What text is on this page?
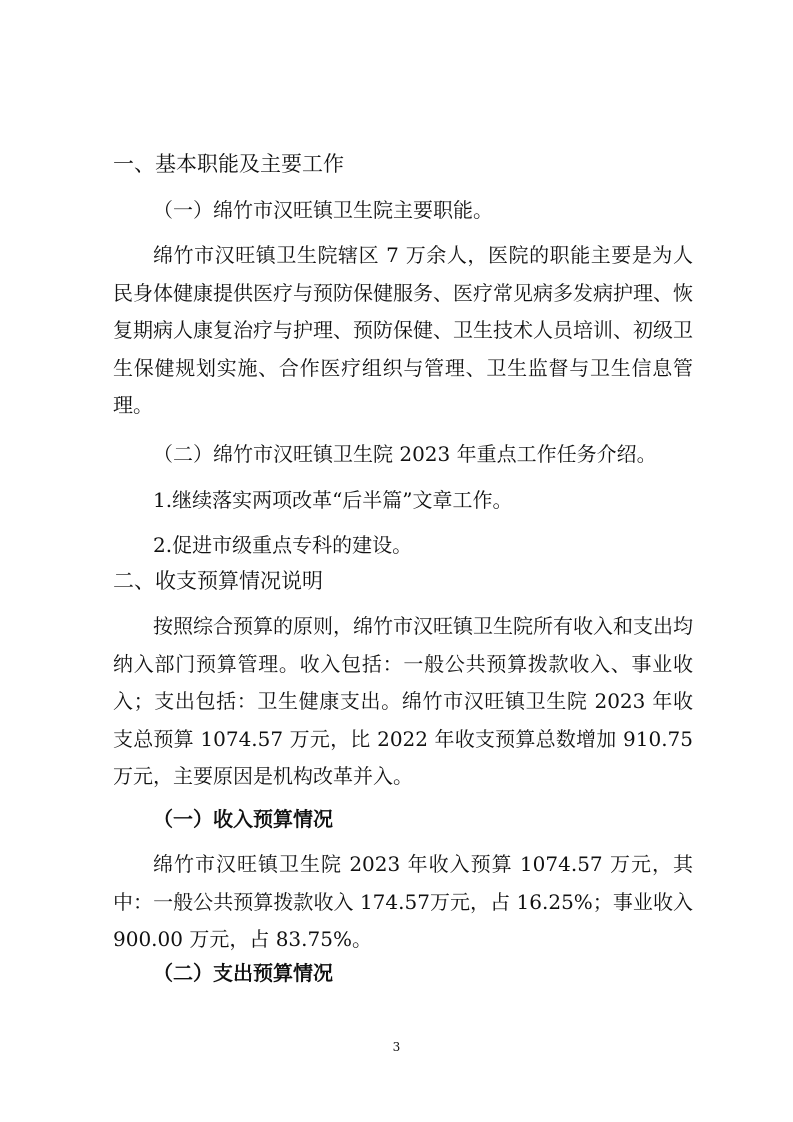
一、基本职能及主要工作

（一）绵竹市汉旺镇卫生院主要职能。

绵竹市汉旺镇卫生院辖区 7 万余人，医院的职能主要是为人民身体健康提供医疗与预防保健服务、医疗常见病多发病护理、恢复期病人康复治疗与护理、预防保健、卫生技术人员培训、初级卫生保健规划实施、合作医疗组织与管理、卫生监督与卫生信息管理。

（二）绵竹市汉旺镇卫生院 2023 年重点工作任务介绍。

1.继续落实两项改革“后半篇”文章工作。

2.促进市级重点专科的建设。

二、收支预算情况说明

按照综合预算的原则，绵竹市汉旺镇卫生院所有收入和支出均纳入部门预算管理。收入包括：一般公共预算拨款收入、事业收入；支出包括：卫生健康支出。绵竹市汉旺镇卫生院 2023 年收支总预算 1074.57 万元，比 2022 年收支预算总数增加 910.75 万元，主要原因是机构改革并入。

（一）收入预算情况

绵竹市汉旺镇卫生院 2023 年收入预算 1074.57 万元，其中：一般公共预算拨款收入 174.57万元，占 16.25%；事业收入 900.00 万元，占 83.75%。

（二）支出预算情况

3
